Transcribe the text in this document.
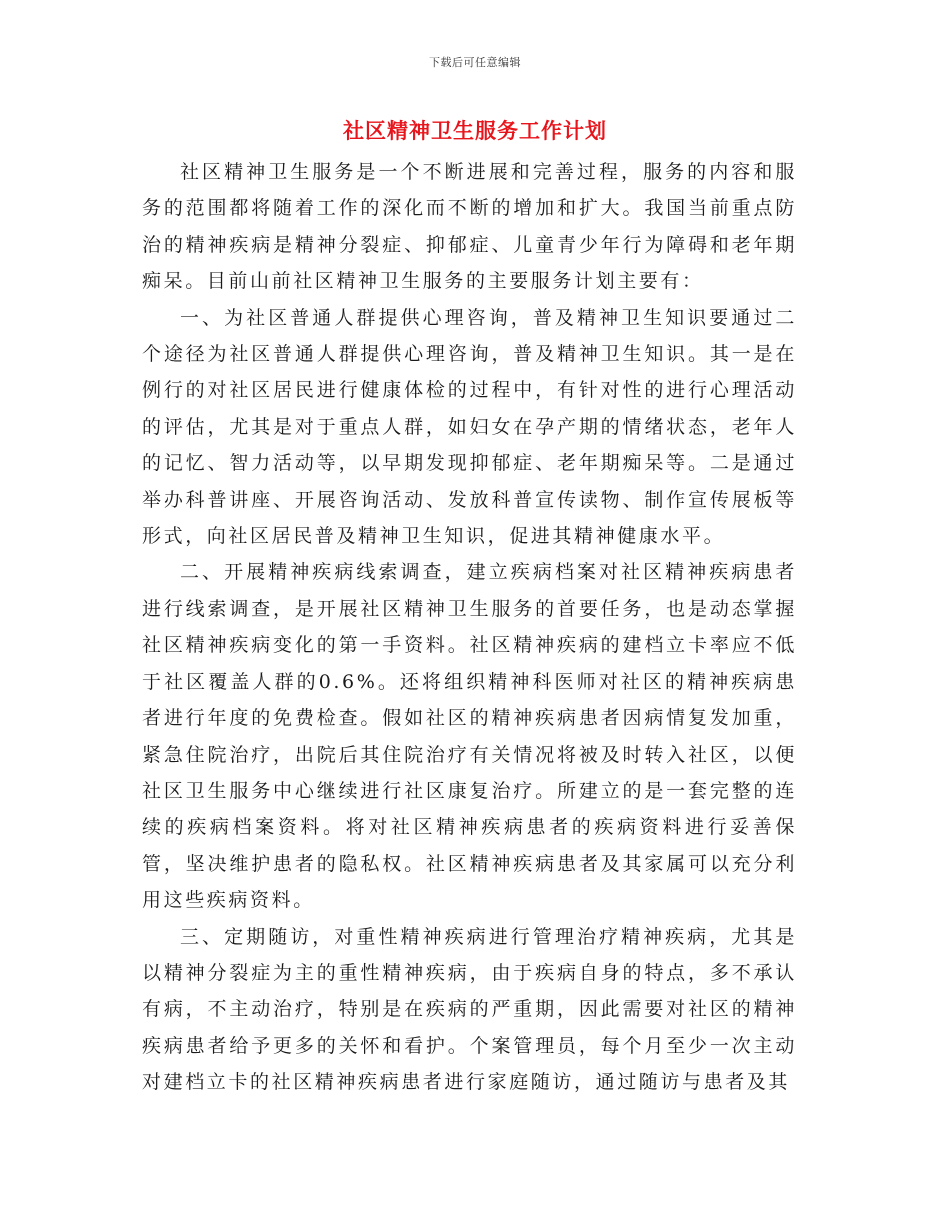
下载后可任意编辑
社区精神卫生服务工作计划

社区精神卫生服务是一个不断进展和完善过程，服务的内容和服务的范围都将随着工作的深化而不断的增加和扩大。我国当前重点防治的精神疾病是精神分裂症、抑郁症、儿童青少年行为障碍和老年期痴呆。目前山前社区精神卫生服务的主要服务计划主要有：

一、为社区普通人群提供心理咨询，普及精神卫生知识要通过二个途径为社区普通人群提供心理咨询，普及精神卫生知识。其一是在例行的对社区居民进行健康体检的过程中，有针对性的进行心理活动的评估，尤其是对于重点人群，如妇女在孕产期的情绪状态，老年人的记忆、智力活动等，以早期发现抑郁症、老年期痴呆等。二是通过举办科普讲座、开展咨询活动、发放科普宣传读物、制作宣传展板等形式，向社区居民普及精神卫生知识，促进其精神健康水平。

二、开展精神疾病线索调查，建立疾病档案对社区精神疾病患者进行线索调查，是开展社区精神卫生服务的首要任务，也是动态掌握社区精神疾病变化的第一手资料。社区精神疾病的建档立卡率应不低于社区覆盖人群的0.6%。还将组织精神科医师对社区的精神疾病患者进行年度的免费检查。假如社区的精神疾病患者因病情复发加重，紧急住院治疗，出院后其住院治疗有关情况将被及时转入社区，以便社区卫生服务中心继续进行社区康复治疗。所建立的是一套完整的连续的疾病档案资料。将对社区精神疾病患者的疾病资料进行妥善保管，坚决维护患者的隐私权。社区精神疾病患者及其家属可以充分利用这些疾病资料。

三、定期随访，对重性精神疾病进行管理治疗精神疾病，尤其是以精神分裂症为主的重性精神疾病，由于疾病自身的特点，多不承认有病，不主动治疗，特别是在疾病的严重期，因此需要对社区的精神疾病患者给予更多的关怀和看护。个案管理员，每个月至少一次主动对建档立卡的社区精神疾病患者进行家庭随访，通过随访与患者及其
